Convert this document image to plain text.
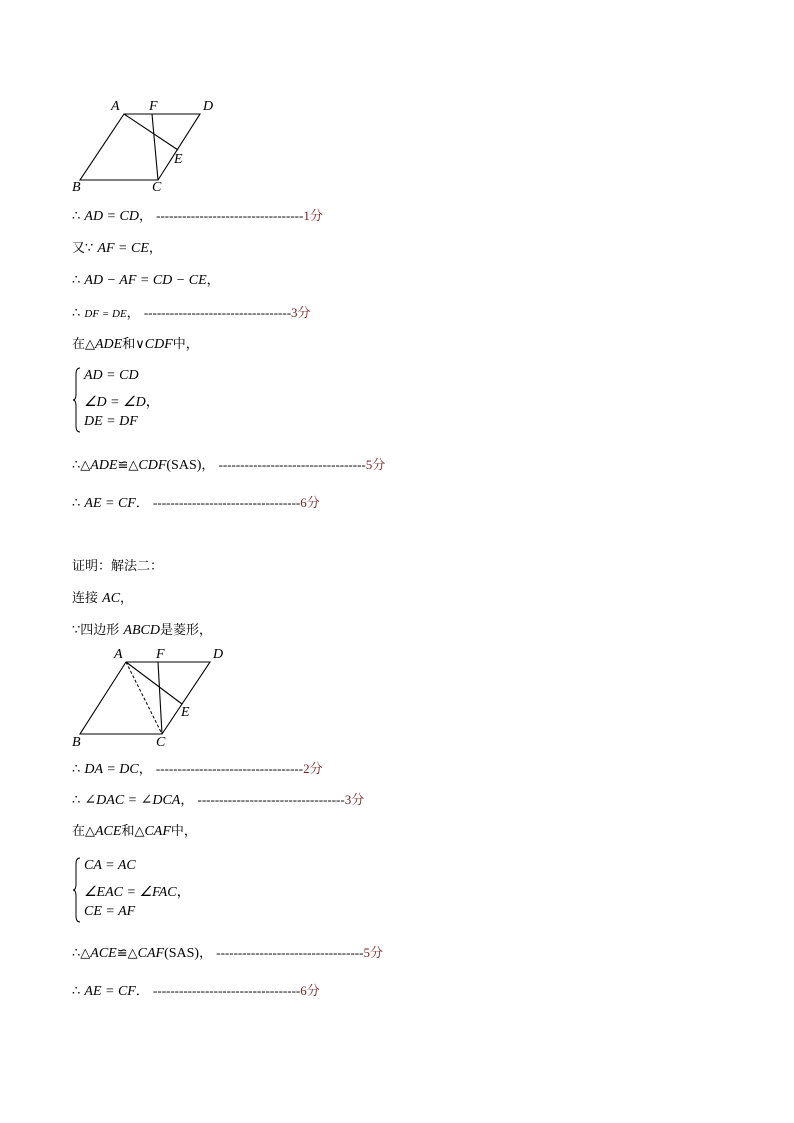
A F	D
E
B	C
∴ AD = CD， ----------------------------------1分
又∵ AF = CE，
∴ AD − AF = CD − CE，
∴ DF = DE， ----------------------------------3分
在△ADE和∨CDF中，
AD = CD
∠D = ∠D，
DE = DF
∴△ADE≌△CDF(SAS)， ----------------------------------5分
∴ AE = CF． ----------------------------------6分
证明：解法二：
连接 AC，
∵四边形 ABCD是菱形，
A F	D
E
B	C
∴ DA = DC， ----------------------------------2分
∴ ∠DAC = ∠DCA， ----------------------------------3分
在△ACE和△CAF中，
CA = AC
∠EAC = ∠FAC，
CE = AF
∴△ACE≌△CAF(SAS)， ----------------------------------5分
∴ AE = CF． ----------------------------------6分
